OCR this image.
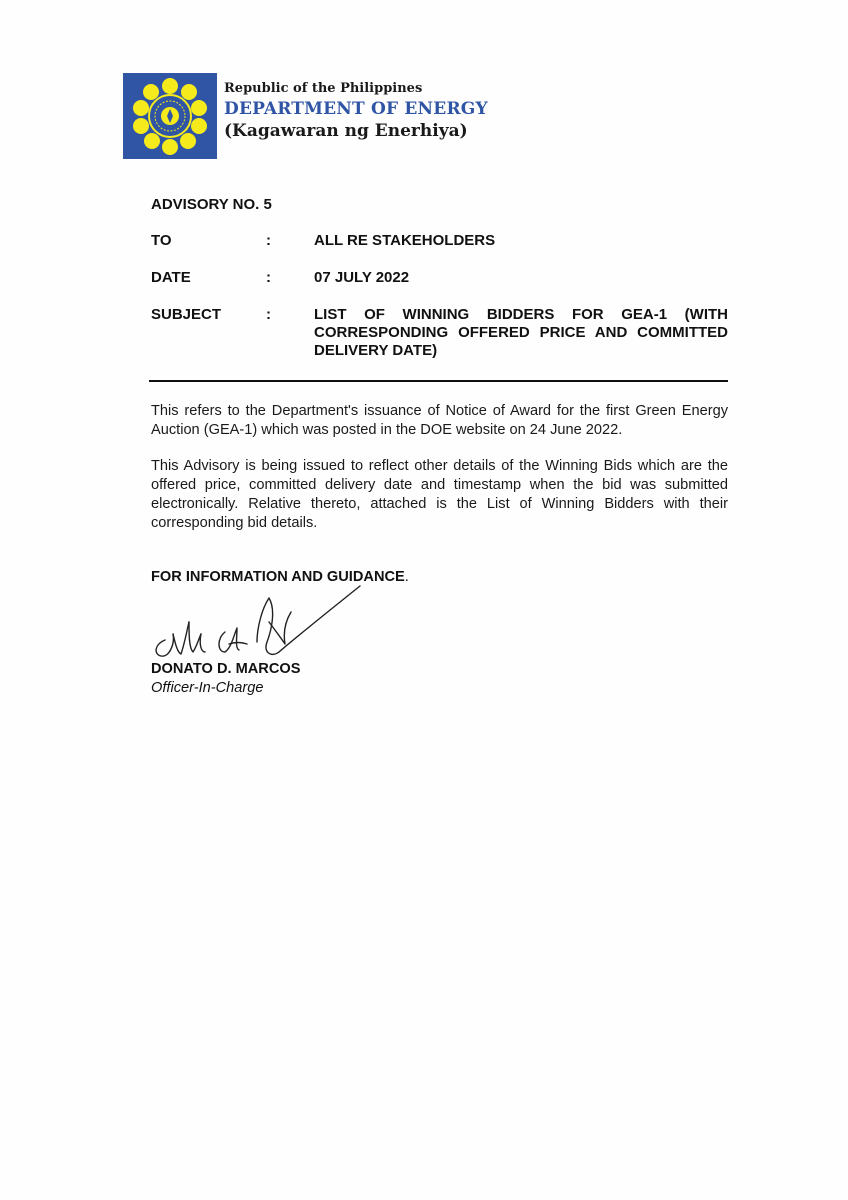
Republic of the Philippines
DEPARTMENT OF ENERGY
(Kagawaran ng Enerhiya)
ADVISORY NO. 5
TO	:	ALL RE STAKEHOLDERS
DATE	:	07 JULY 2022
SUBJECT	:	LIST OF WINNING BIDDERS FOR GEA-1 (WITH CORRESPONDING OFFERED PRICE AND COMMITTED DELIVERY DATE)

This refers to the Department's issuance of Notice of Award for the first Green Energy Auction (GEA-1) which was posted in the DOE website on 24 June 2022.

This Advisory is being issued to reflect other details of the Winning Bids which are the offered price, committed delivery date and timestamp when the bid was submitted electronically. Relative thereto, attached is the List of Winning Bidders with their corresponding bid details.

FOR INFORMATION AND GUIDANCE.
DONATO D. MARCOS
Officer-In-Charge
